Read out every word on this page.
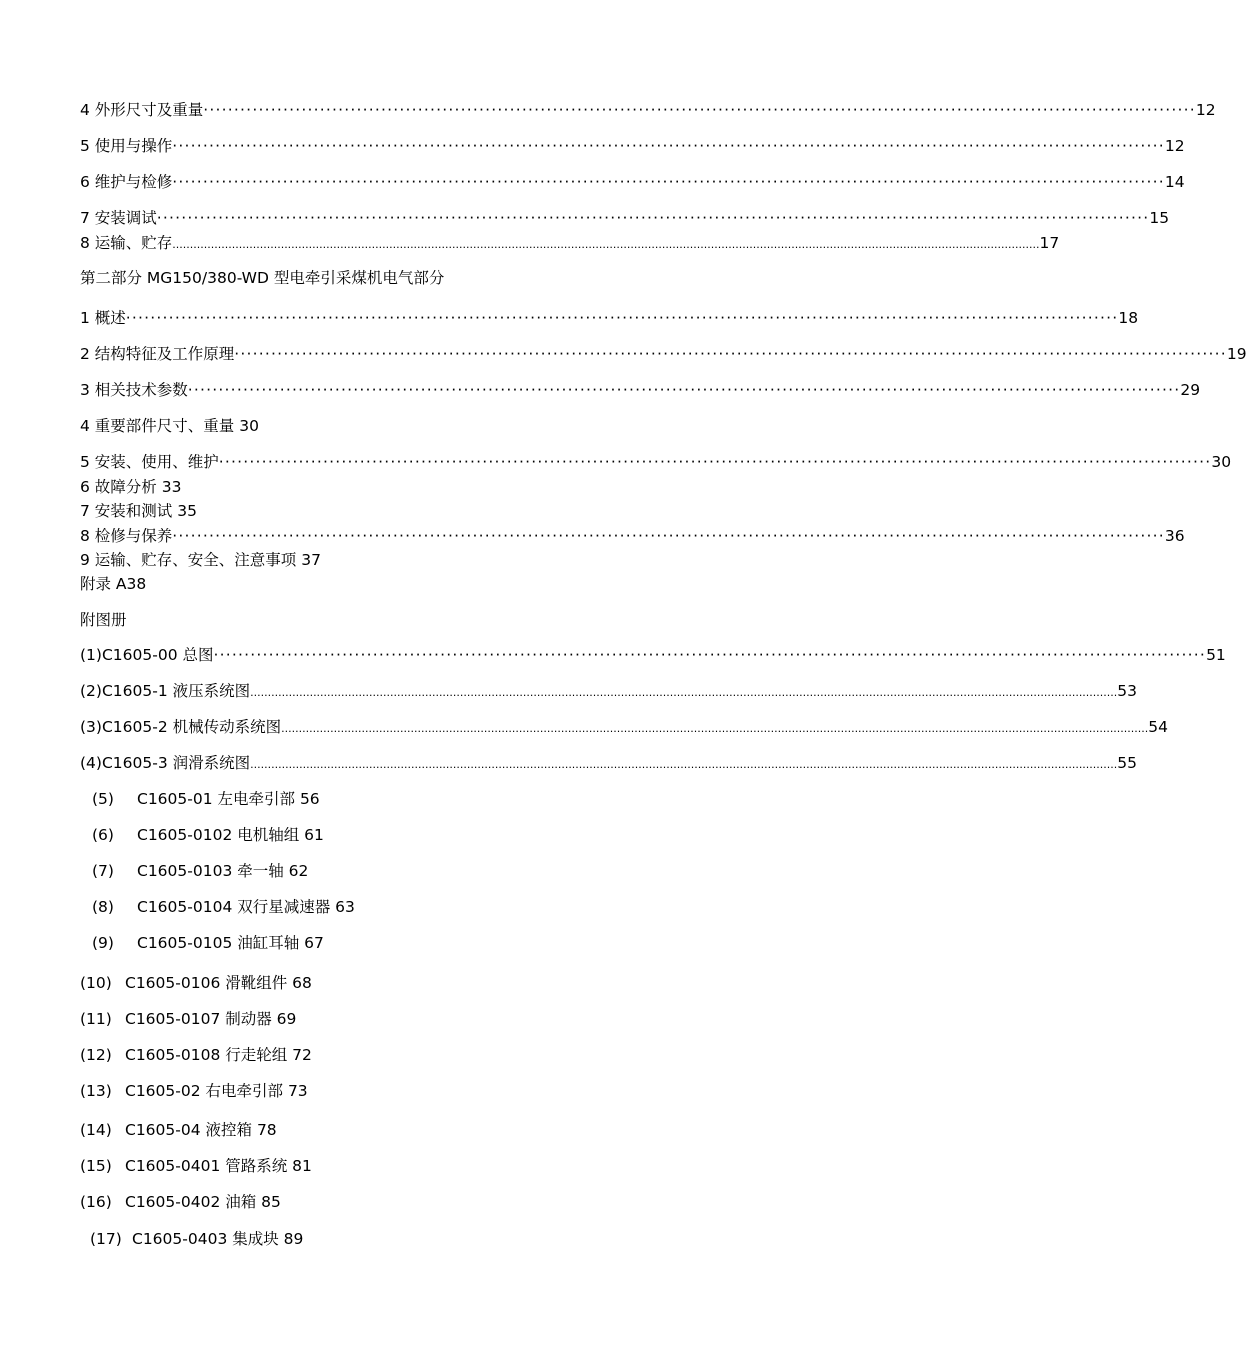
4 外形尺寸及重量 ·····	12
5 使用与操作 ·····	12
6 维护与检修 ·····	14
7 安装调试 ·····	15
8 运输、贮存 .....	17
第二部分 MG150/380-WD 型电牵引采煤机电气部分
1 概述 ·····	18
2 结构特征及工作原理 ·····	19
3 相关技术参数 ·····	29
4 重要部件尺寸、重量 30
5 安装、使用、维护 ·····	30
6 故障分析 33
7 安装和测试 35
8 检修与保养 ·····	36
9 运输、贮存、安全、注意事项 37
附录 A38
附图册
(1) C1605-00 总图 ·····	51
(2) C1605-1 液压系统图 .....	53
(3) C1605-2 机械传动系统图 .....	54
(4) C1605-3 润滑系统图 .....	55
(5) C1605-01 左电牵引部 56
(6) C1605-0102 电机轴组 61
(7) C1605-0103 牵一轴 62
(8) C1605-0104 双行星减速器 63
(9) C1605-0105 油缸耳轴 67
(10) C1605-0106 滑靴组件 68
(11) C1605-0107 制动器 69
(12) C1605-0108 行走轮组 72
(13) C1605-02 右电牵引部 73
(14) C1605-04 液控箱 78
(15) C1605-0401 管路系统 81
(16) C1605-0402 油箱 85
(17) C1605-0403 集成块 89
